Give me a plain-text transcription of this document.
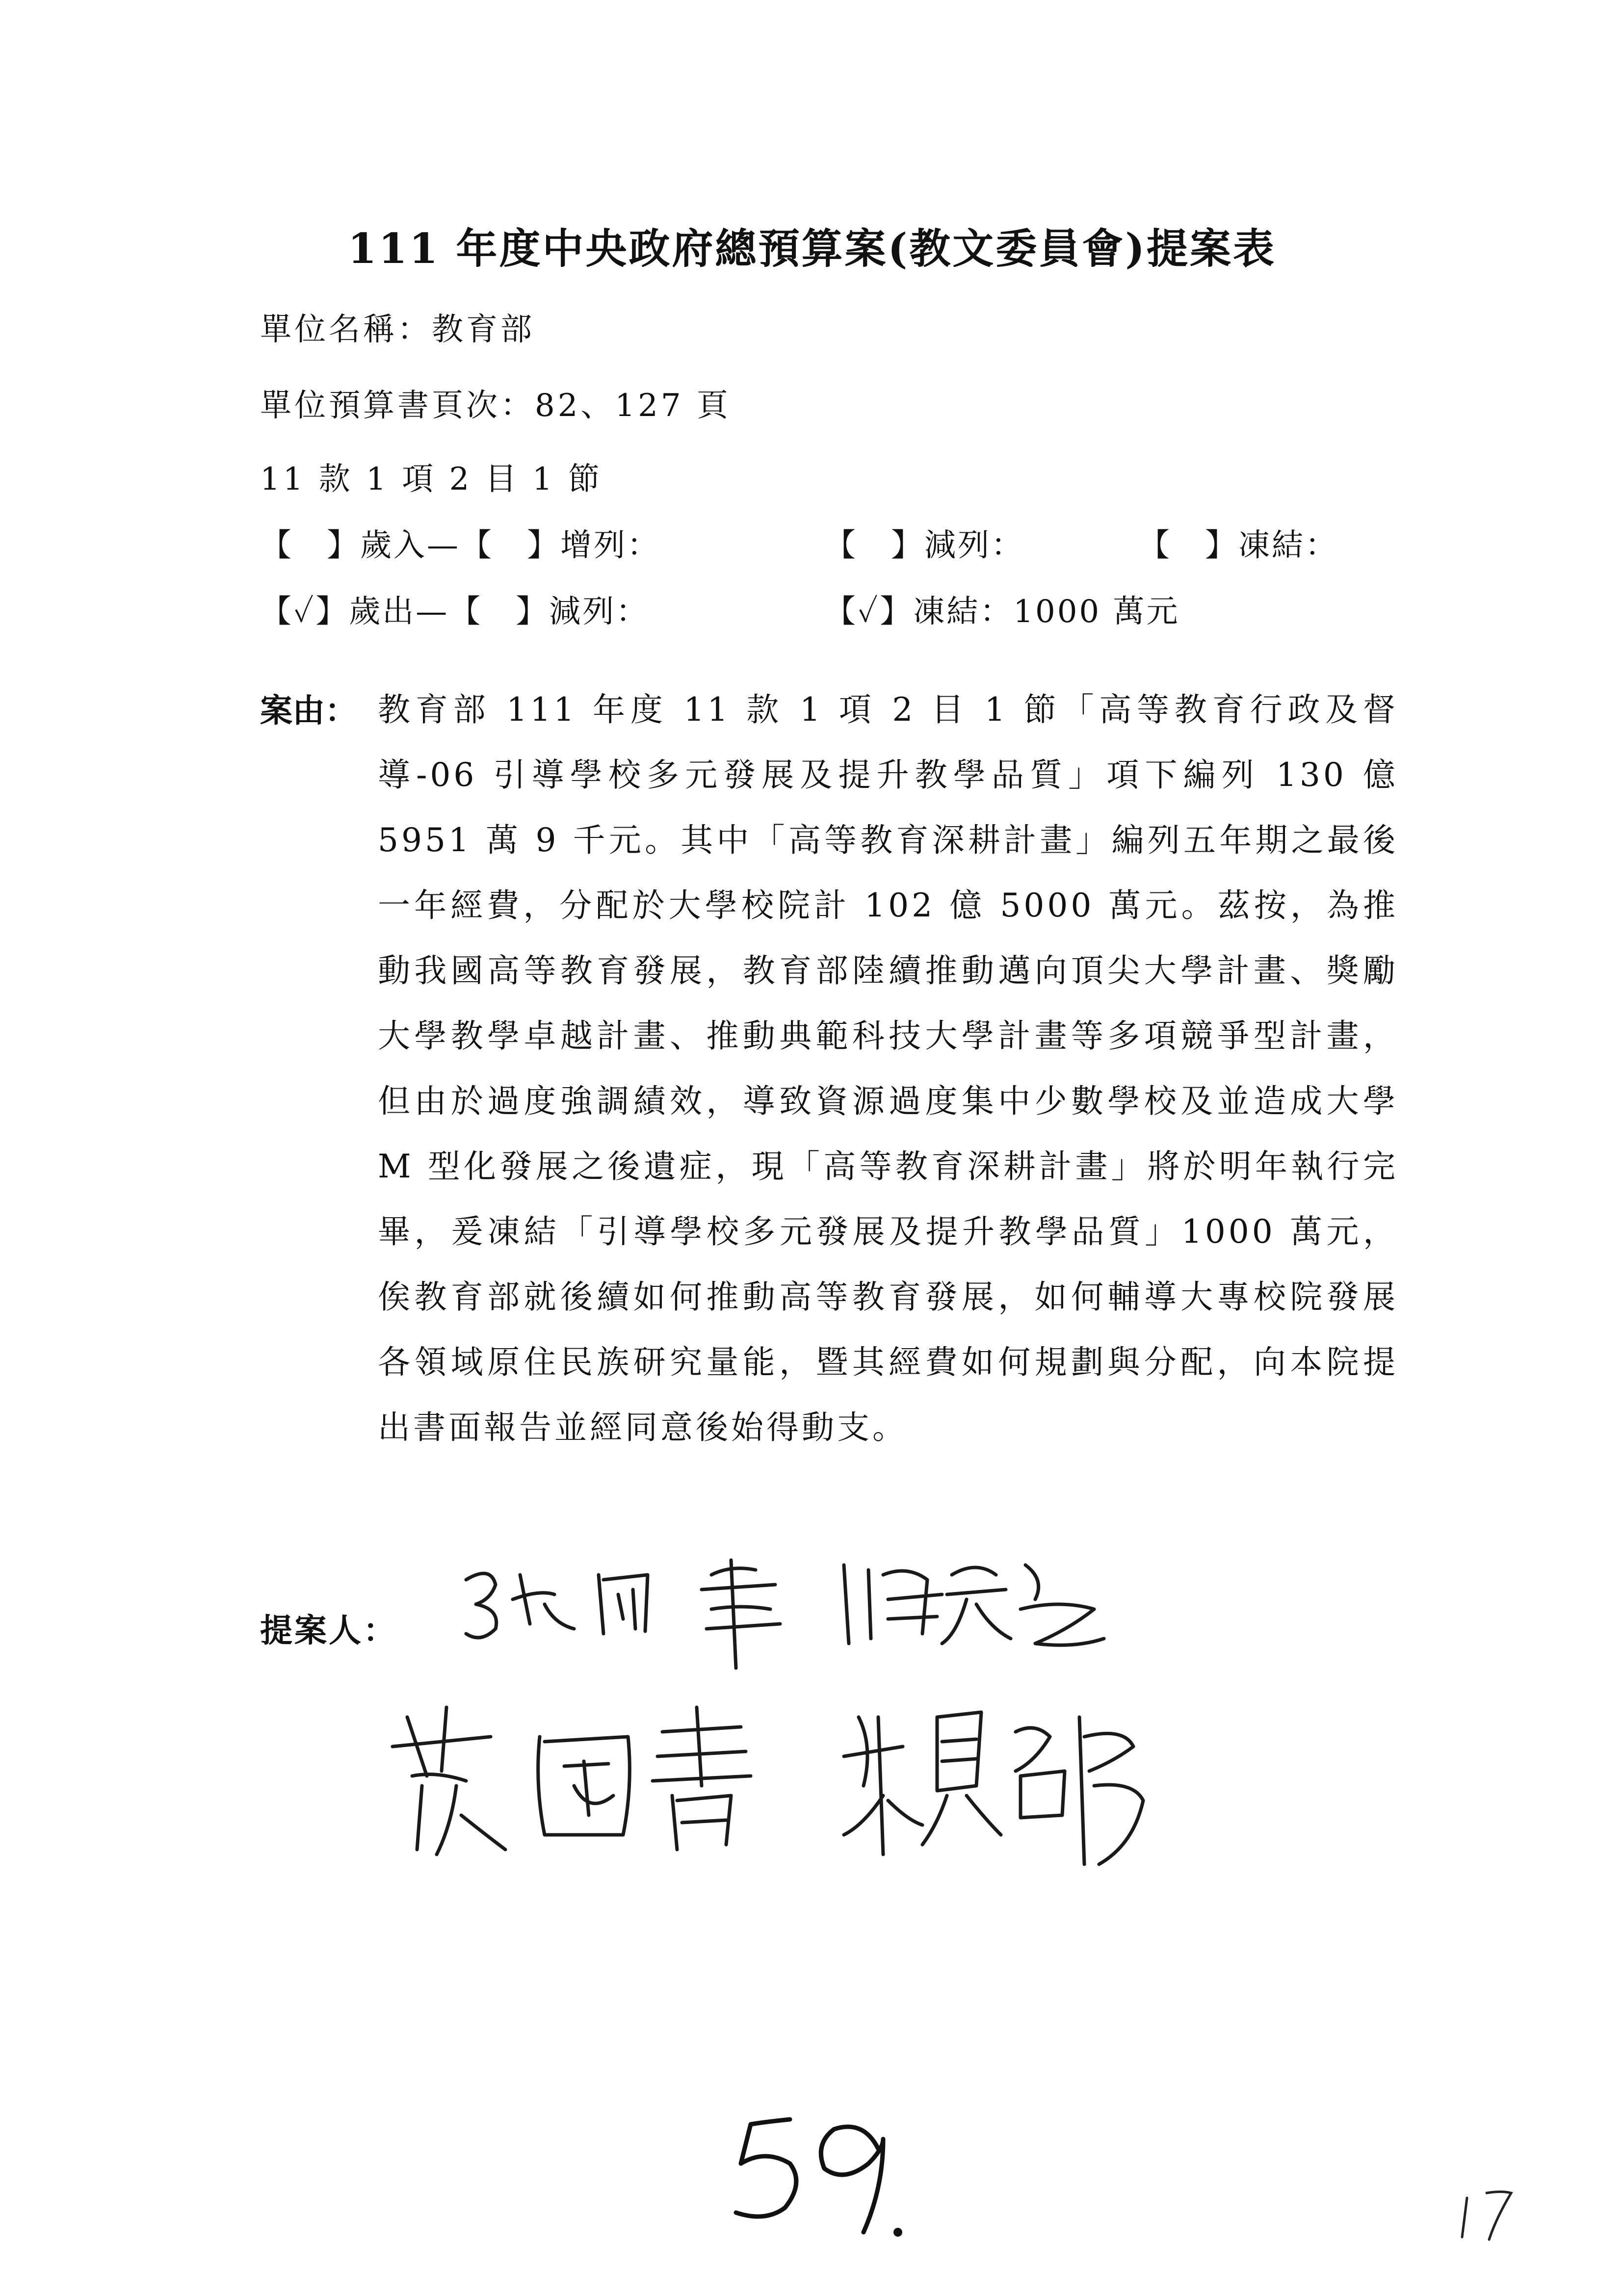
111 年度中央政府總預算案(教文委員會)提案表
單位名稱：教育部
單位預算書頁次：82、127 頁
11 款 1 項 2 目 1 節
【　】歲入—【　】增列：	【　】減列：	【　】凍結：
【✓】歲出—【　】減列：	【✓】凍結：1000 萬元
案由： 教育部 111 年度 11 款 1 項 2 目 1 節「高等教育行政及督導-06 引導學校多元發展及提升教學品質」項下編列 130 億 5951 萬 9 千元。其中「高等教育深耕計畫」編列五年期之最後一年經費，分配於大學校院計 102 億 5000 萬元。茲按，為推動我國高等教育發展，教育部陸續推動邁向頂尖大學計畫、獎勵大學教學卓越計畫、推動典範科技大學計畫等多項競爭型計畫，但由於過度強調績效，導致資源過度集中少數學校及並造成大學 M 型化發展之後遺症，現「高等教育深耕計畫」將於明年執行完畢，爰凍結「引導學校多元發展及提升教學品質」1000 萬元，俟教育部就後續如何推動高等教育發展，如何輔導大專校院發展各領域原住民族研究量能，暨其經費如何規劃與分配，向本院提出書面報告並經同意後始得動支。
提案人：
59.
